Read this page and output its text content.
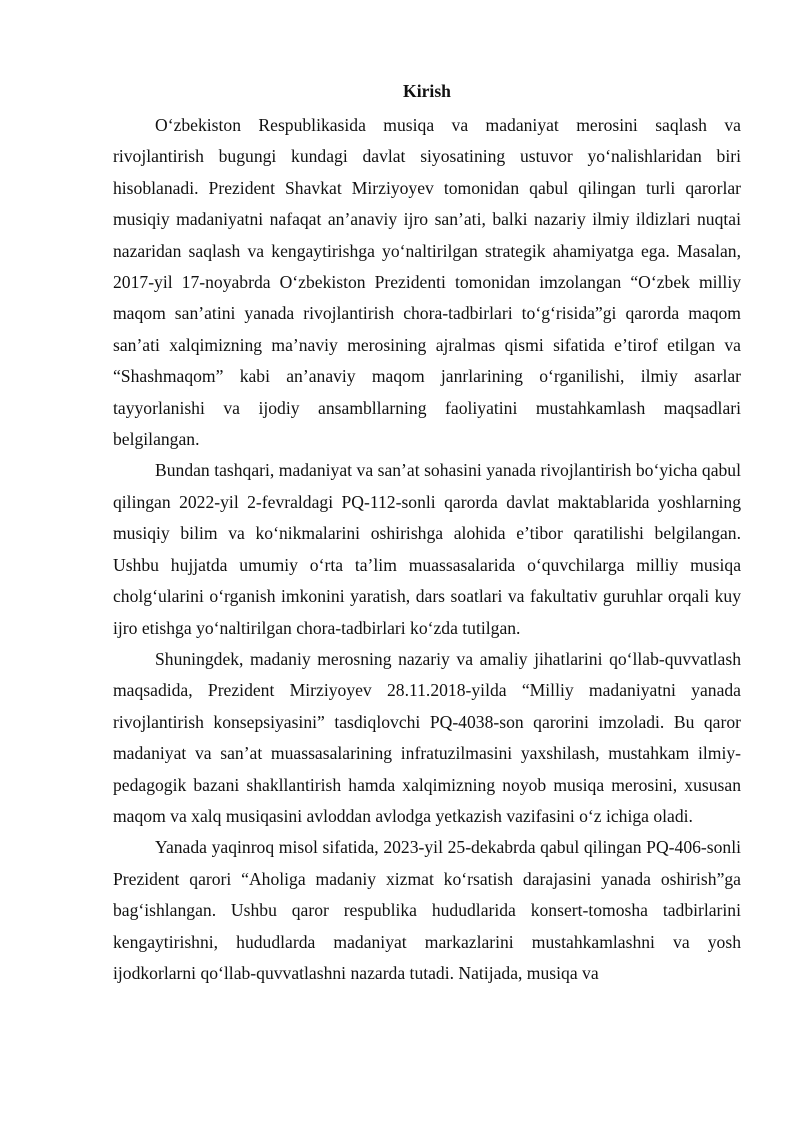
Kirish

O‘zbekiston Respublikasida musiqa va madaniyat merosini saqlash va rivojlantirish bugungi kundagi davlat siyosatining ustuvor yo‘nalishlaridan biri hisoblanadi. Prezident Shavkat Mirziyoyev tomonidan qabul qilingan turli qarorlar musiqiy madaniyatni nafaqat an’anaviy ijro san’ati, balki nazariy ilmiy ildizlari nuqtai nazaridan saqlash va kengaytirishga yo‘naltirilgan strategik ahamiyatga ega. Masalan, 2017-yil 17-noyabrda O‘zbekiston Prezidenti tomonidan imzolangan “O‘zbek milliy maqom san’atini yanada rivojlantirish chora-tadbirlari to‘g‘risida”gi qarorda maqom san’ati xalqimizning ma’naviy merosining ajralmas qismi sifatida e’tirof etilgan va “Shashmaqom” kabi an’anaviy maqom janrlarining o‘rganilishi, ilmiy asarlar tayyorlanishi va ijodiy ansambllarning faoliyatini mustahkamlash maqsadlari belgilangan.

Bundan tashqari, madaniyat va san’at sohasini yanada rivojlantirish bo‘yicha qabul qilingan 2022-yil 2-fevraldagi PQ-112-sonli qarorda davlat maktablarida yoshlarning musiqiy bilim va ko‘nikmalarini oshirishga alohida e’tibor qaratilishi belgilangan. Ushbu hujjatda umumiy o‘rta ta’lim muassasalarida o‘quvchilarga milliy musiqa cholg‘ularini o‘rganish imkonini yaratish, dars soatlari va fakultativ guruhlar orqali kuy ijro etishga yo‘naltirilgan chora-tadbirlari ko‘zda tutilgan.

Shuningdek, madaniy merosning nazariy va amaliy jihatlarini qo‘llab-quvvatlash maqsadida, Prezident Mirziyoyev 28.11.2018-yilda “Milliy madaniyatni yanada rivojlantirish konsepsiyasini” tasdiqlovchi PQ-4038-son qarorini imzoladi. Bu qaror madaniyat va san’at muassasalarining infratuzilmasini yaxshilash, mustahkam ilmiy-pedagogik bazani shakllantirish hamda xalqimizning noyob musiqa merosini, xususan maqom va xalq musiqasini avloddan avlodga yetkazish vazifasini o‘z ichiga oladi.

Yanada yaqinroq misol sifatida, 2023-yil 25-dekabrda qabul qilingan PQ-406-sonli Prezident qarori “Aholiga madaniy xizmat ko‘rsatish darajasini yanada oshirish”ga bag‘ishlangan. Ushbu qaror respublika hududlarida konsert-tomosha tadbirlarini kengaytirishni, hududlarda madaniyat markazlarini mustahkamlashni va yosh ijodkorlarni qo‘llab-quvvatlashni nazarda tutadi. Natijada, musiqa va
